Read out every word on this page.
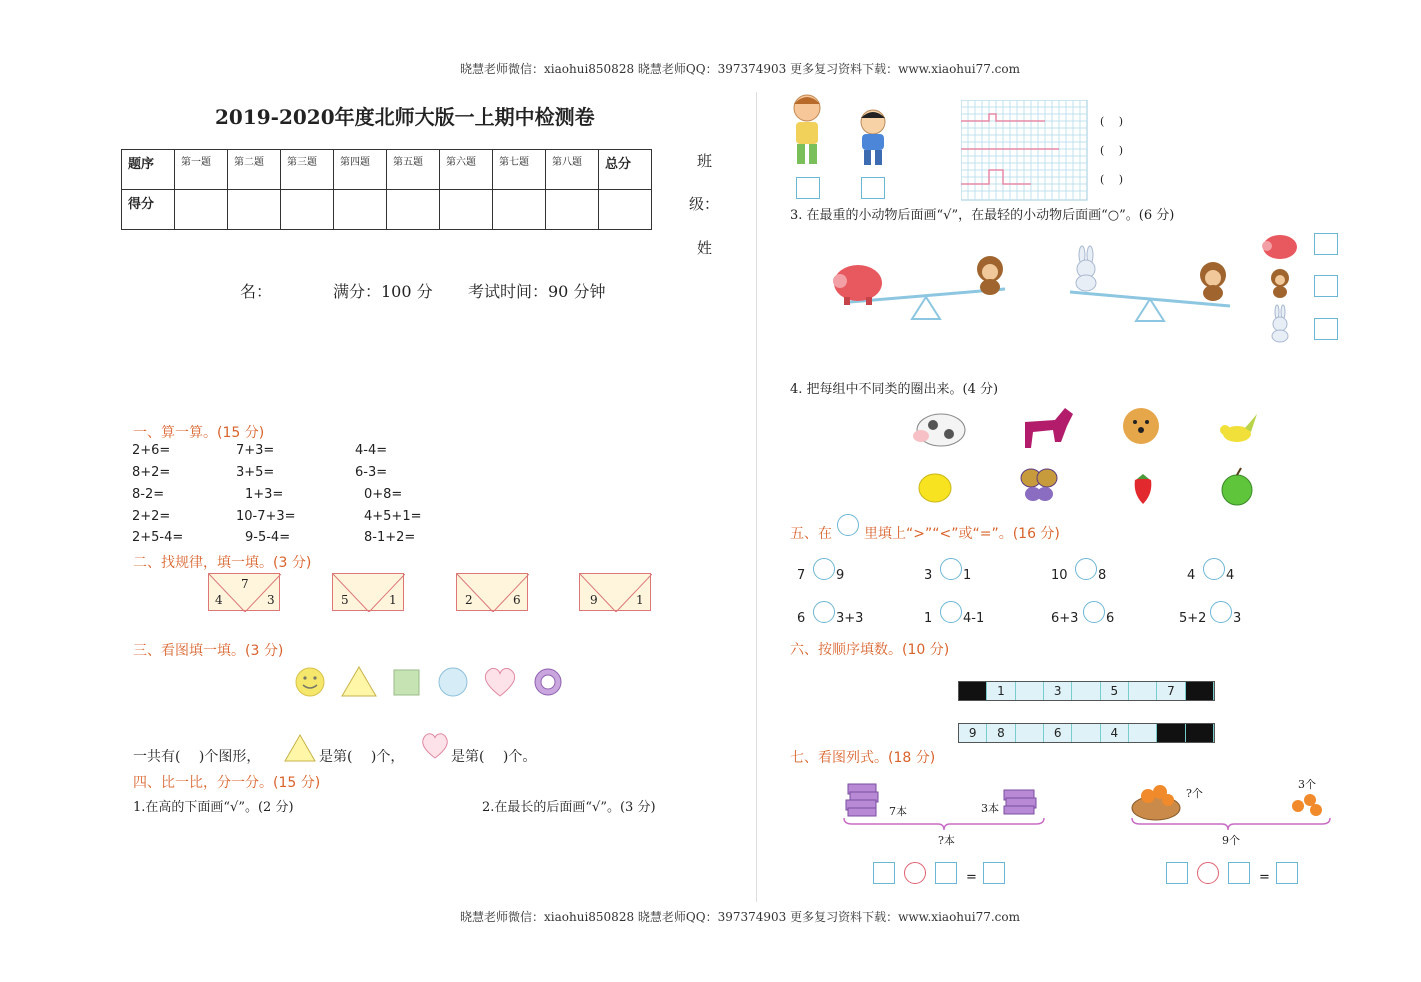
晓慧老师微信：xiaohui850828 晓慧老师QQ：397374903 更多复习资料下载：www.xiaohui77.com
晓慧老师微信：xiaohui850828 晓慧老师QQ：397374903 更多复习资料下载：www.xiaohui77.com
2019-2020年度北师大版一上期中检测卷
题序	第一题	第二题	第三题	第四题	第五题	第六题	第七题	第八题	总分
得分									
班
级：
姓
名：	满分：100 分 考试时间：90 分钟
一、算一算。(15 分)
2+6=	7+3=	4-4=
8+2=	3+5=	6-3=
8-2=	1+3=	0+8=
2+2=	10-7+3=	4+5+1=
2+5-4=	9-5-4=	8-1+2=
二、找规律，填一填。(3 分)
7
4	3	5	1	2	6	9	1
三、看图填一填。(3 分)
一共有(　 )个图形，	是第(　 )个，	是第(　 )个。
四、比一比，分一分。(15 分)
1.在高的下面画“√”。(2 分)	2.在最长的后面画“√”。(3 分)
(　 )
(　 )
(　 )
3. 在最重的小动物后面画“√”，在最轻的小动物后面画“○”。(6 分)
4. 把每组中不同类的圈出来。(4 分)
五、在 里填上“>”“<”或“=”。(16 分)
7 9	3 1	10 8	4 4
6 3+3	1 4-1	6+3 6	5+2 3
六、按顺序填数。(10 分)
1	3	5	7
9	8	6	4
七、看图列式。(18 分)
7本	3本
?本
?个
3个
9个
=	=
